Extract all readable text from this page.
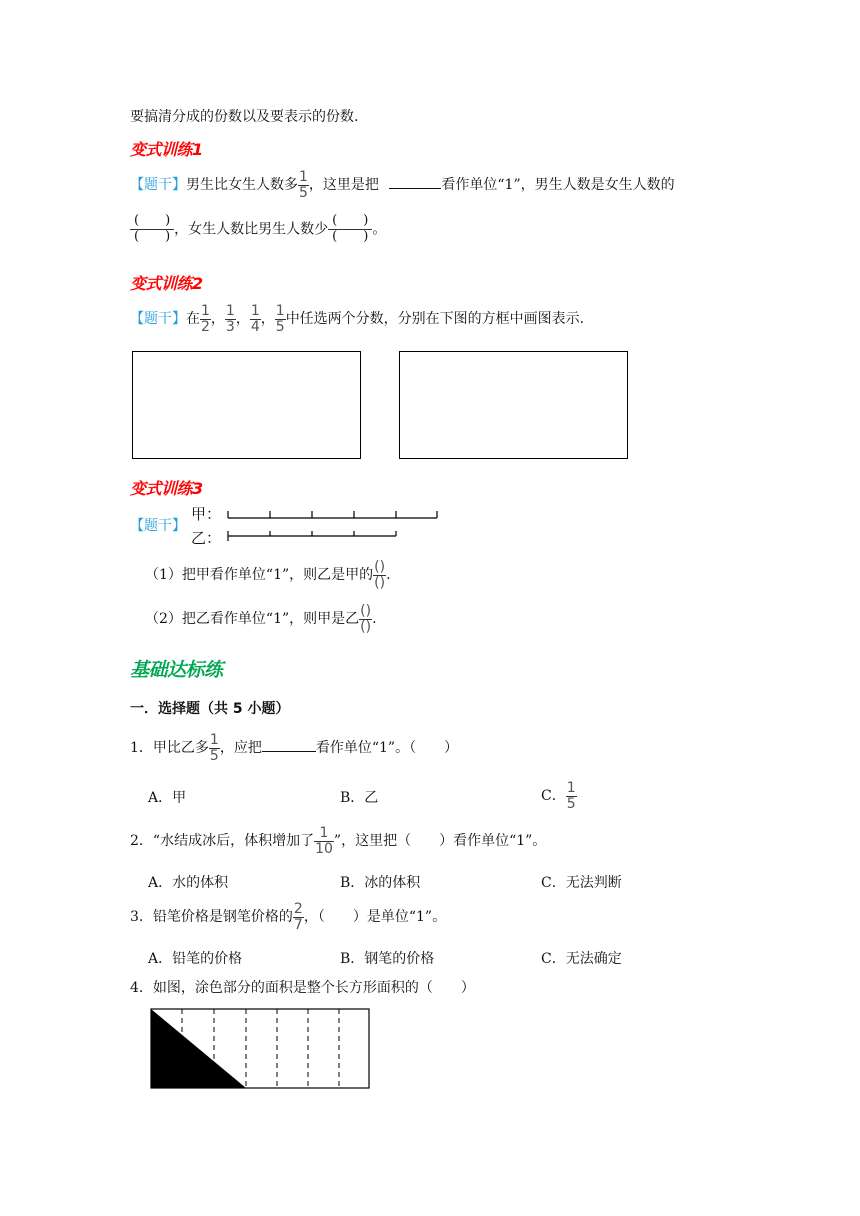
要搞清分成的份数以及要表示的份数.
变式训练1
【题干】男生比女生人数多 $\frac{1}{5}$ ，这里是把	看作单位“1”，男生人数是女生人数的
(　　)
(　　) ，女生人数比男生人数少
(　　)
(　　) 。
变式训练2
【题干】在 $\frac{1}{2}$ ， $\frac{1}{3}$ ， $\frac{1}{4}$ ， $\frac{1}{5}$ 中任选两个分数，分别在下图的方框中画图表示.
变式训练3
【题干】
甲：
乙：
（1）把甲看作单位“1”，则乙是甲的 $\frac{()}{()}$ .
（2）把乙看作单位“1”，则甲是乙 $\frac{()}{()}$ .
基础达标练
一．选择题（共 5 小题）
1．甲比乙多 $\frac{1}{5}$ ，应把	看作单位“1”。（　　）
A．甲	B．乙	C． $\frac{1}{5}$
2．“水结成冰后，体积增加了 $\frac{1}{10}$ ”，这里把（　　）看作单位“1”。
A．水的体积	B．冰的体积	C．无法判断
3．铅笔价格是钢笔价格的 $\frac{2}{7}$ ，（　　）是单位“1”。
A．铅笔的价格	B．钢笔的价格	C．无法确定
4．如图，涂色部分的面积是整个长方形面积的（　　）
